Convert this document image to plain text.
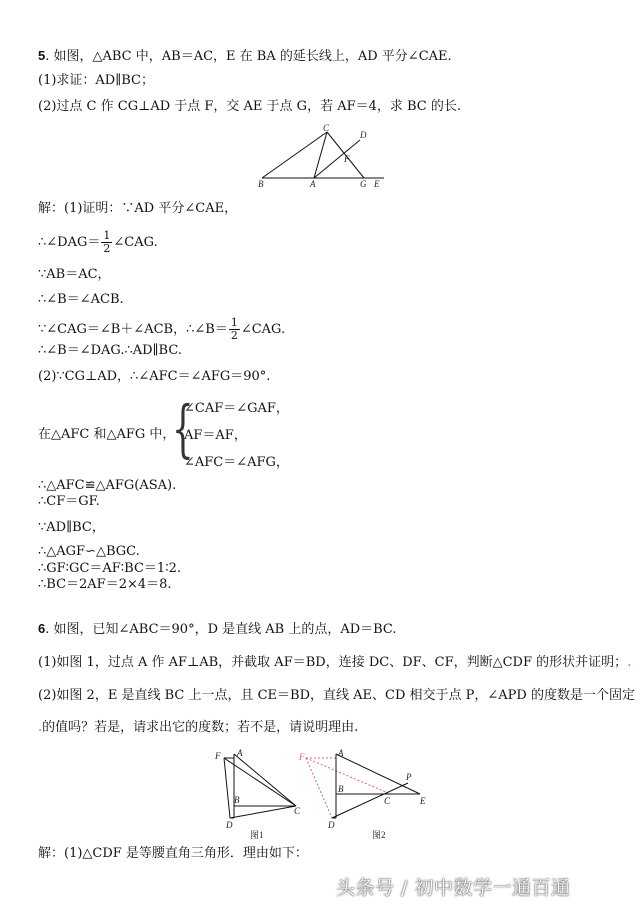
5. 如图，△ABC 中，AB＝AC，E 在 BA 的延长线上，AD 平分∠CAE.
(1)求证：AD∥BC；
(2)过点 C 作 CG⊥AD 于点 F，交 AE 于点 G，若 AF＝4，求 BC 的长.
C
D
F
B	A	G E
解：(1)证明：∵AD 平分∠CAE，
∴∠DAG＝ $\frac{1}{2}$ ∠CAG.
∵AB＝AC，
∴∠B＝∠ACB.
∵∠CAG＝∠B＋∠ACB，∴∠B＝ $\frac{1}{2}$ ∠CAG.
∴∠B＝∠DAG.∴AD∥BC.
(2)∵CG⊥AD，∴∠AFC＝∠AFG＝90°.
在△AFC 和△AFG 中，
{
∠CAF＝∠GAF，
AF＝AF，
∠AFC＝∠AFG，
∴△AFC≌△AFG(ASA).
∴CF＝GF.
∵AD∥BC，
∴△AGF∽△BGC.
∴GF∶GC＝AF∶BC＝1∶2.
∴BC＝2AF＝2×4＝8.
6. 如图，已知∠ABC＝90°，D 是直线 AB 上的点，AD＝BC.
(1)如图 1，过点 A 作 AF⊥AB，并截取 AF＝BD，连接 DC、DF、CF，判断△CDF 的形状并证明；.
(2)如图 2，E 是直线 BC 上一点，且 CE＝BD，直线 AE、CD 相交于点 P，∠APD 的度数是一个固定
.的值吗？若是，请求出它的度数；若不是，请说明理由.
F A
B
D
C
图1
F	A
P
B
C	E
D
图2
解：(1)△CDF 是等腰直角三角形．理由如下：
头条号 / 初中数学一通百通
